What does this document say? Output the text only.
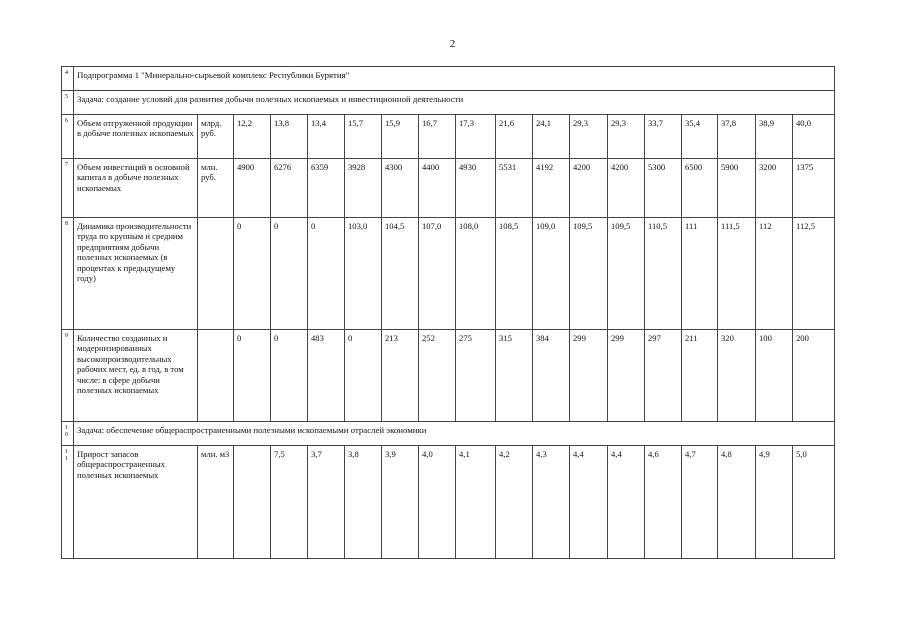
2
4	Подпрограмма 1 "Минерально-сырьевой комплекс Республики Бурятия"																	
5	Задача: создание условий для развития добычи полезных ископаемых и инвестиционной деятельности																	
6	Объем отгруженной продукции в добыче полезных ископаемых	млрд. руб.	12,2	13,8	13,4	15,7	15,9	16,7	17,3	21,6	24,1	29,3	29,3	33,7	35,4	37,8	38,9	40,0
7	Объем инвестиций в основной капитал в добыче полезных ископаемых	млн. руб.	4900	6276	6359	3928	4300	4400	4930	5531	4192	4200	4200	5300	6500	5900	3200	1375
8	Динамика производительности труда по крупным и средним предприятиям добычи полезных ископаемых (в процентах к предыдущему году)		0	0	0	103,0	104,5	107,0	108,0	108,5	109,0	109,5	109,5	110,5	111	111,5	112	112,5
9	Количество созданных и модернизированных высокопроизводительных рабочих мест, ед. в год, в том числе: в сфере добычи полезных ископаемых		0	0	483	0	213	252	275	315	384	299	299	297	211	320	100	200
10	Задача: обеспечение общераспространенными полезными ископаемыми отраслей экономики																	
11	Прирост запасов общераспространенных полезных ископаемых	млн. м3		7,5	3,7	3,8	3,9	4,0	4,1	4,2	4,3	4,4	4,4	4,6	4,7	4,8	4,9	5,0
